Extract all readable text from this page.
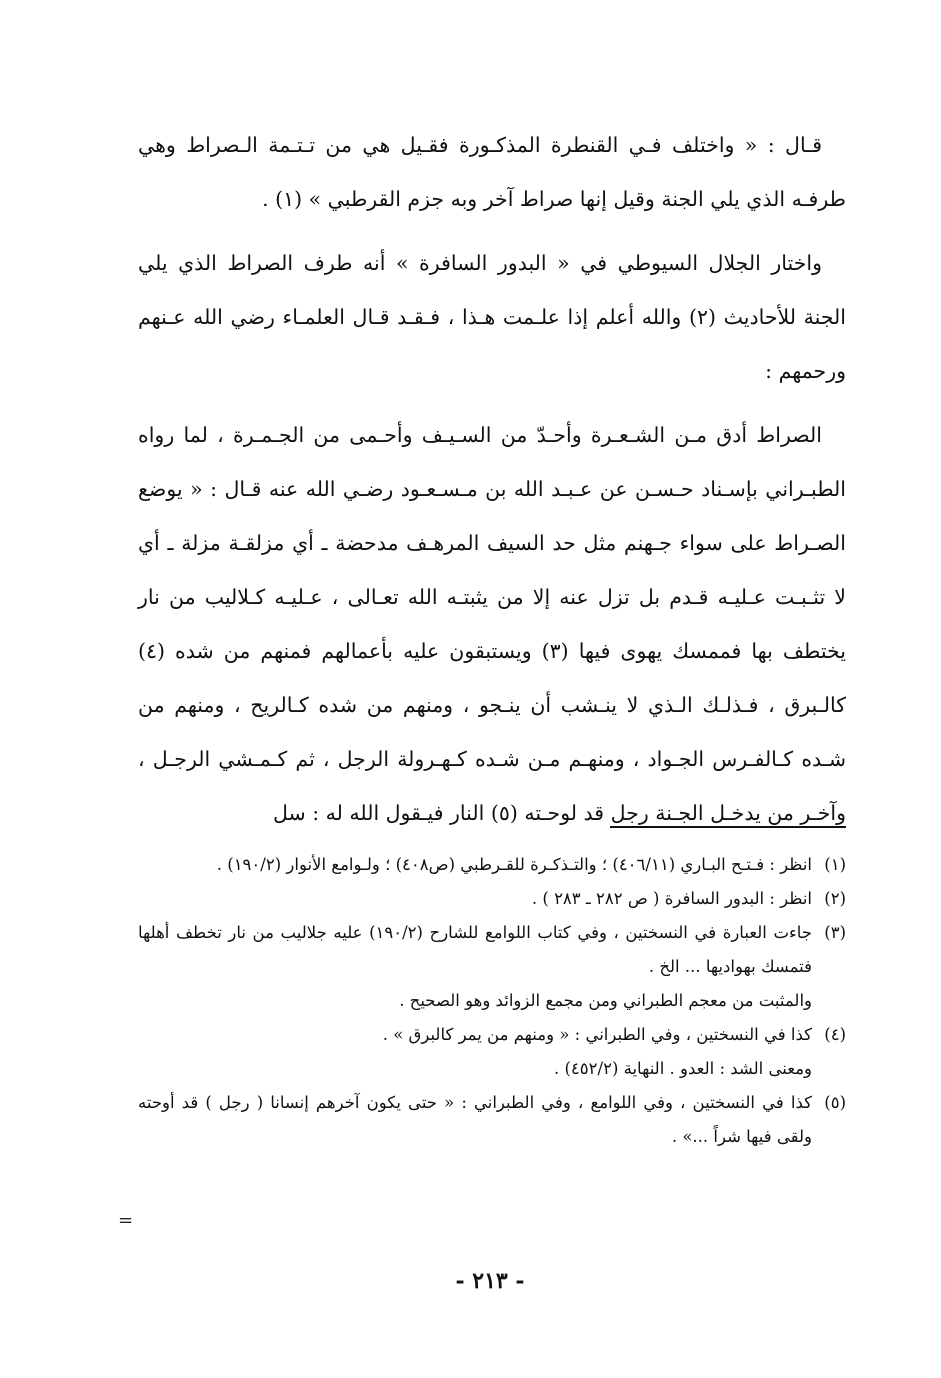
قـال : « واختلف فـي القنطرة المذكـورة فقـيل هي من تـتـمة الـصراط وهي طرفـه الذي يلي الجنة وقيل إنها صراط آخر وبه جزم القرطبي » (١) .

واختار الجلال السيوطي في « البدور السافرة » أنه طرف الصراط الذي يلي الجنة للأحاديث (٢) والله أعلم إذا علـمت هـذا ، فـقـد قـال العلمـاء رضي الله عـنهم ورحمهم :

الصراط أدق مـن الشـعـرة وأحـدّ من السـيـف وأحـمى من الجـمـرة ، لما رواه الطبـراني بإسـناد حـسـن عن عـبـد الله بن مـسـعـود رضـي الله عنه قـال : « يوضع الصـراط على سواء جـهنم مثل حد السيف المرهـف مدحضة ـ أي مزلقـة مزلة ـ أي لا تثـبـت عـليـه قـدم بل تزل عنه إلا من يثبتـه الله تعـالى ، عـليـه كـلاليب من نار يختطف بها فممسك يهوى فيها (٣) ويستبقون عليه بأعمالهم فمنهم من شده (٤) كالـبرق ، فـذلـك الـذي لا ينـشب أن ينـجو ، ومنهم من شده كـالريح ، ومنهم من شـده كـالفـرس الجـواد ، ومنهـم مـن شـده كـهـرولة الرجل ، ثم كـمـشي الرجـل ، وآخـر من يدخـل الجـنة رجل قد لوحـته (٥) النار فيـقول الله له : سل

(١)
انظر : فـتـح البـاري (٤٠٦/١١) ؛ والتـذكـرة للقـرطبي (ص٤٠٨) ؛ ولـوامع الأنوار (١٩٠/٢) .
(٢)
انظر : البدور السافرة ( ص ٢٨٢ ـ ٢٨٣ ) .
(٣)
جاءت العبارة في النسختين ، وفي كتاب اللوامع للشارح (١٩٠/٢) عليه جلاليب من نار تخطف أهلها فتمسك بهواديها ... الخ .
والمثبت من معجم الطبراني ومن مجمع الزوائد وهو الصحيح .
(٤)
كذا في النسختين ، وفي الطبراني : « ومنهم من يمر كالبرق » .
ومعنى الشد : العدو . النهاية (٤٥٢/٢) .
(٥)
كذا في النسختين ، وفي اللوامع ، وفي الطبراني : « حتى يكون آخرهم إنسانا ( رجل ) قد أوحته ولقى فيها شراً ...» .
=
- ٢١٣ -
